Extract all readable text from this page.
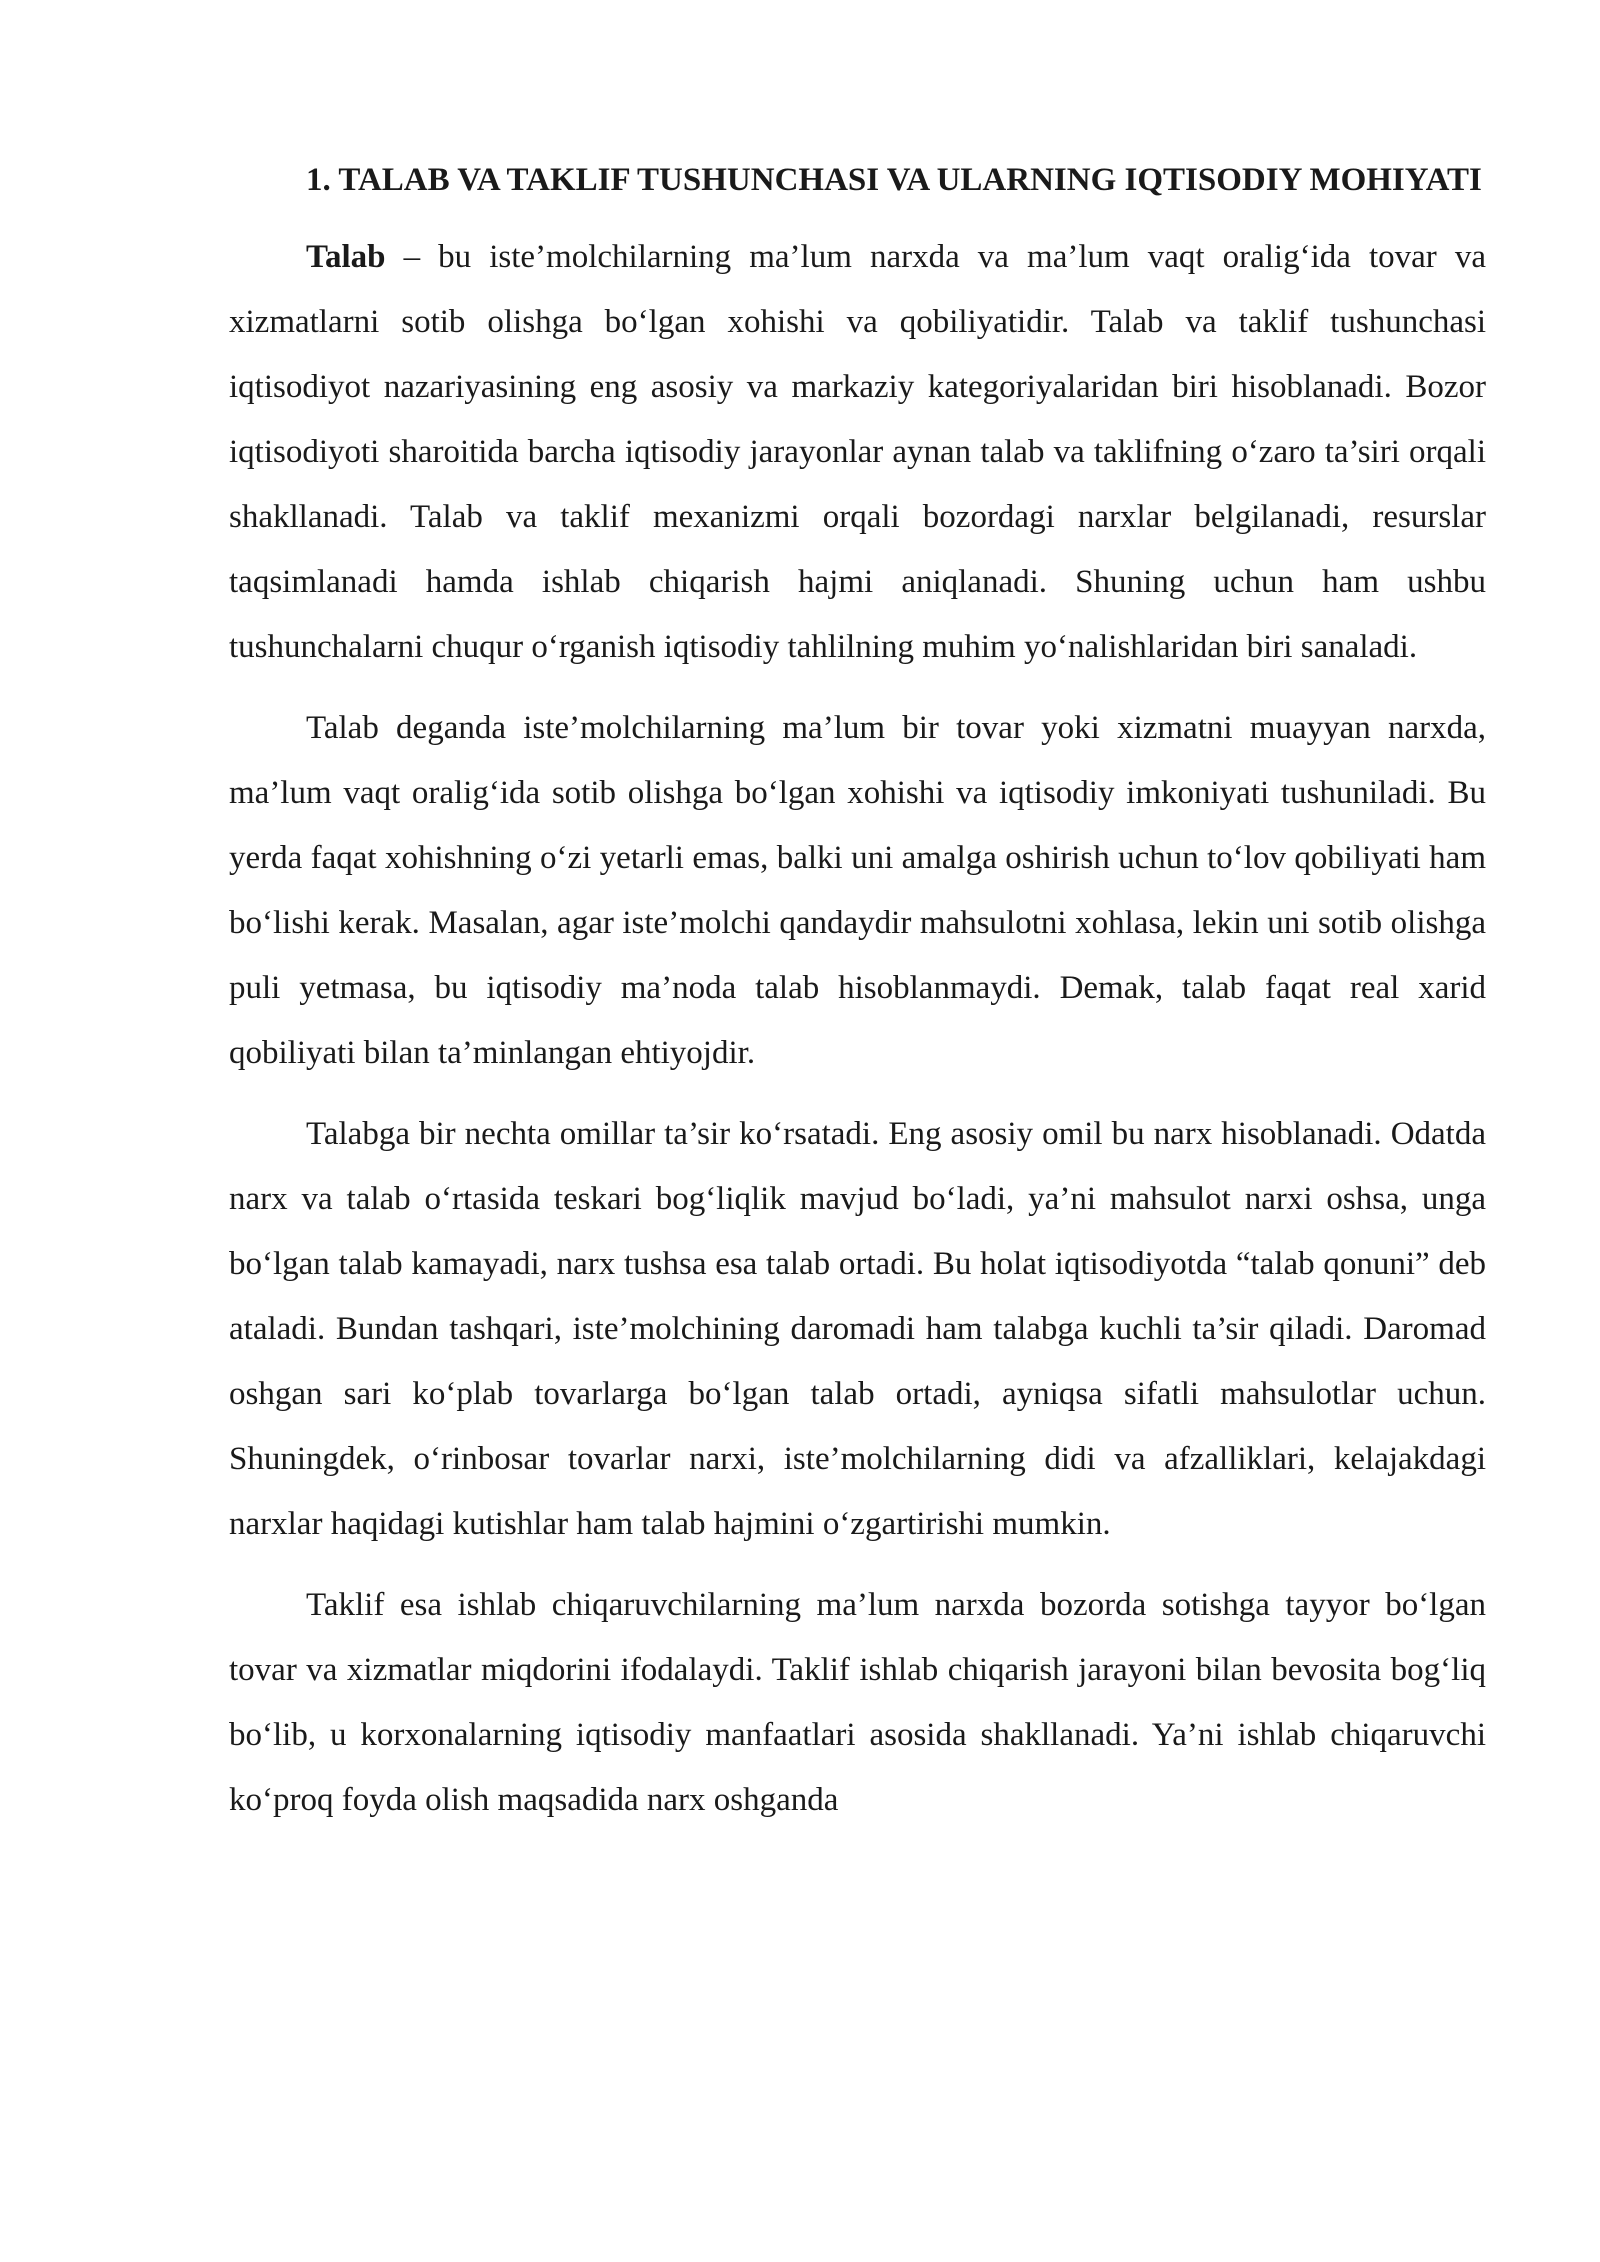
1. TALAB VA TAKLIF TUSHUNCHASI VA ULARNING IQTISODIY MOHIYATI

Talab – bu iste’molchilarning ma’lum narxda va ma’lum vaqt oralig‘ida tovar va xizmatlarni sotib olishga bo‘lgan xohishi va qobiliyatidir. Talab va taklif tushunchasi iqtisodiyot nazariyasining eng asosiy va markaziy kategoriyalaridan biri hisoblanadi. Bozor iqtisodiyoti sharoitida barcha iqtisodiy jarayonlar aynan talab va taklifning o‘zaro ta’siri orqali shakllanadi. Talab va taklif mexanizmi orqali bozordagi narxlar belgilanadi, resurslar taqsimlanadi hamda ishlab chiqarish hajmi aniqlanadi. Shuning uchun ham ushbu tushunchalarni chuqur o‘rganish iqtisodiy tahlilning muhim yo‘nalishlaridan biri sanaladi.

Talab deganda iste’molchilarning ma’lum bir tovar yoki xizmatni muayyan narxda, ma’lum vaqt oralig‘ida sotib olishga bo‘lgan xohishi va iqtisodiy imkoniyati tushuniladi. Bu yerda faqat xohishning o‘zi yetarli emas, balki uni amalga oshirish uchun to‘lov qobiliyati ham bo‘lishi kerak. Masalan, agar iste’molchi qandaydir mahsulotni xohlasa, lekin uni sotib olishga puli yetmasa, bu iqtisodiy ma’noda talab hisoblanmaydi. Demak, talab faqat real xarid qobiliyati bilan ta’minlangan ehtiyojdir.

Talabga bir nechta omillar ta’sir ko‘rsatadi. Eng asosiy omil bu narx hisoblanadi. Odatda narx va talab o‘rtasida teskari bog‘liqlik mavjud bo‘ladi, ya’ni mahsulot narxi oshsa, unga bo‘lgan talab kamayadi, narx tushsa esa talab ortadi. Bu holat iqtisodiyotda “talab qonuni” deb ataladi. Bundan tashqari, iste’molchining daromadi ham talabga kuchli ta’sir qiladi. Daromad oshgan sari ko‘plab tovarlarga bo‘lgan talab ortadi, ayniqsa sifatli mahsulotlar uchun. Shuningdek, o‘rinbosar tovarlar narxi, iste’molchilarning didi va afzalliklari, kelajakdagi narxlar haqidagi kutishlar ham talab hajmini o‘zgartirishi mumkin.

Taklif esa ishlab chiqaruvchilarning ma’lum narxda bozorda sotishga tayyor bo‘lgan tovar va xizmatlar miqdorini ifodalaydi. Taklif ishlab chiqarish jarayoni bilan bevosita bog‘liq bo‘lib, u korxonalarning iqtisodiy manfaatlari asosida shakllanadi. Ya’ni ishlab chiqaruvchi ko‘proq foyda olish maqsadida narx oshganda
